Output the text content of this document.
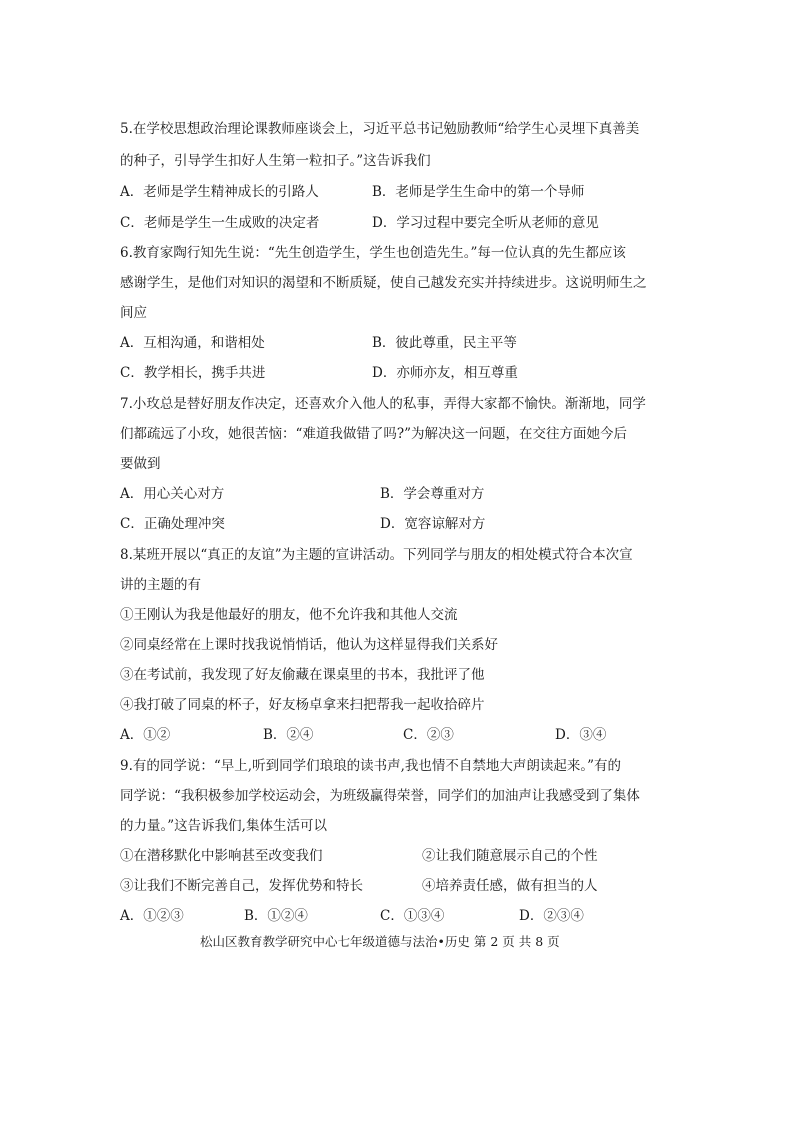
5.在学校思想政治理论课教师座谈会上，习近平总书记勉励教师“给学生心灵埋下真善美
的种子，引导学生扣好人生第一粒扣子。”这告诉我们
A．老师是学生精神成长的引路人	B．老师是学生生命中的第一个导师
C．老师是学生一生成败的决定者	D．学习过程中要完全听从老师的意见
6.教育家陶行知先生说：“先生创造学生，学生也创造先生。”每一位认真的先生都应该
感谢学生，是他们对知识的渴望和不断质疑，使自己越发充实并持续进步。这说明师生之
间应
A．互相沟通，和谐相处	B．彼此尊重，民主平等
C．教学相长，携手共进	D．亦师亦友，相互尊重
7.小玫总是替好朋友作决定，还喜欢介入他人的私事，弄得大家都不愉快。渐渐地，同学
们都疏远了小玫，她很苦恼：“难道我做错了吗?”为解决这一问题，在交往方面她今后
要做到
A．用心关心对方	B．学会尊重对方
C．正确处理冲突	D．宽容谅解对方
8.某班开展以“真正的友谊”为主题的宣讲活动。下列同学与朋友的相处模式符合本次宣
讲的主题的有
①王刚认为我是他最好的朋友，他不允许我和其他人交流
②同桌经常在上课时找我说悄悄话，他认为这样显得我们关系好
③在考试前，我发现了好友偷藏在课桌里的书本，我批评了他
④我打破了同桌的杯子，好友杨卓拿来扫把帮我一起收拾碎片
A．①②	B．②④	C．②③	D．③④
9.有的同学说：“早上,听到同学们琅琅的读书声,我也情不自禁地大声朗读起来。”有的
同学说：“我积极参加学校运动会，为班级赢得荣誉，同学们的加油声让我感受到了集体
的力量。”这告诉我们,集体生活可以
①在潜移默化中影响甚至改变我们	②让我们随意展示自己的个性
③让我们不断完善自己，发挥优势和特长	④培养责任感，做有担当的人
A．①②③	B．①②④	C．①③④	D．②③④
松山区教育教学研究中心七年级道德与法治•历史 第 2 页 共 8 页
